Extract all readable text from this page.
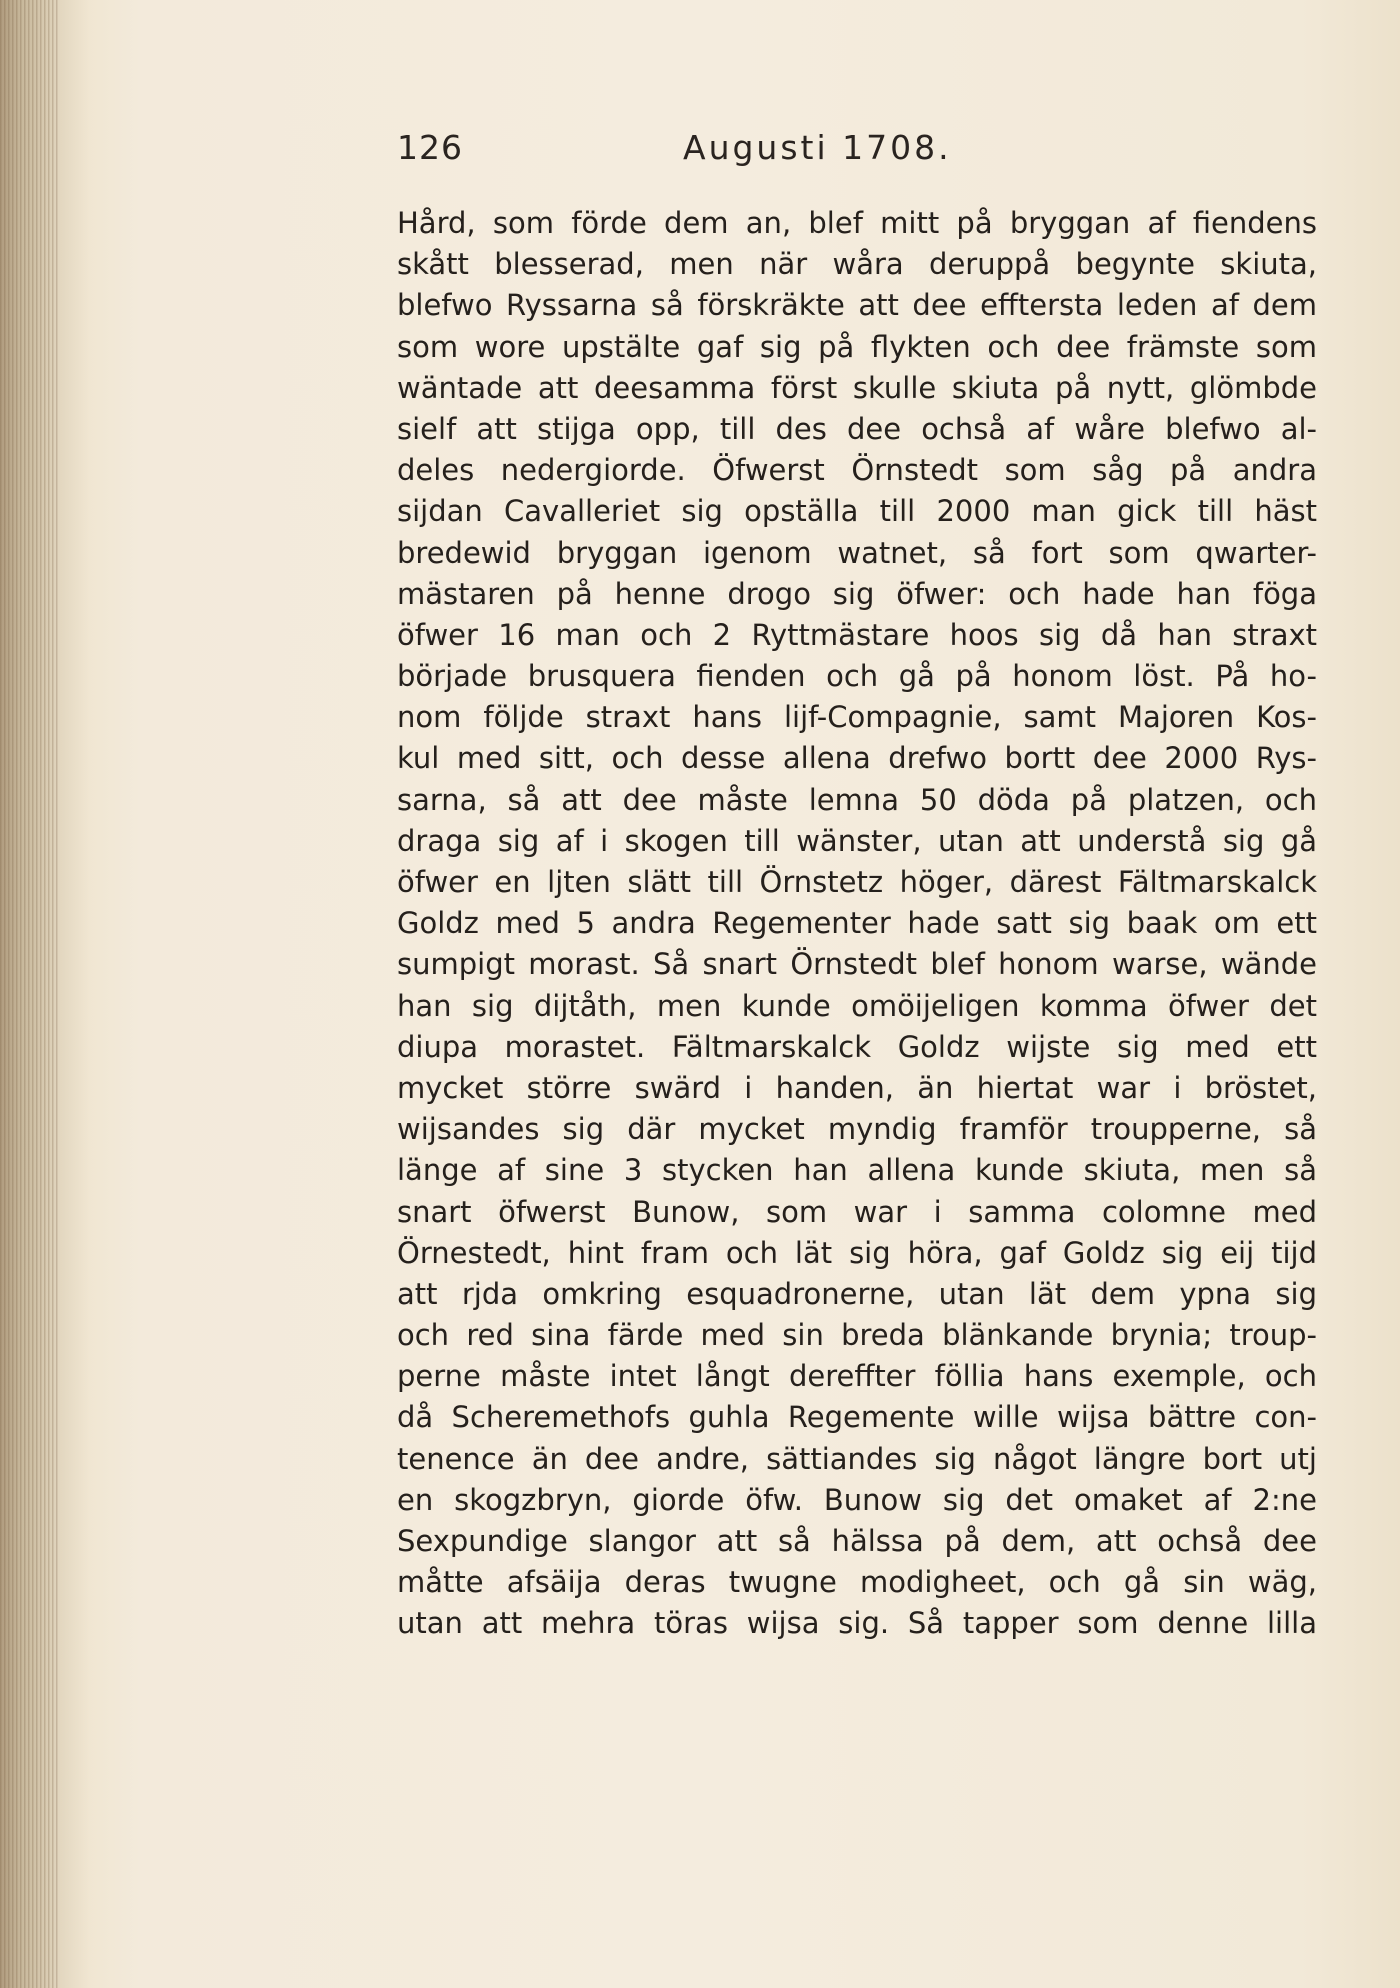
126	Augusti 1708.
Hård, som förde dem an, blef mitt på bryggan af fiendens
skått blesserad, men när wåra deruppå begynte skiuta,
blefwo Ryssarna så förskräkte att dee efftersta leden af dem
som wore upstälte gaf sig på flykten och dee främste som
wäntade att deesamma först skulle skiuta på nytt, glömbde
sielf att stijga opp, till des dee ochså af wåre blefwo al-
deles nedergiorde. Öfwerst Örnstedt som såg på andra
sijdan Cavalleriet sig opställa till 2000 man gick till häst
bredewid bryggan igenom watnet, så fort som qwarter-
mästaren på henne drogo sig öfwer: och hade han föga
öfwer 16 man och 2 Ryttmästare hoos sig då han straxt
började brusquera fienden och gå på honom löst. På ho-
nom följde straxt hans lijf-Compagnie, samt Majoren Kos-
kul med sitt, och desse allena drefwo bortt dee 2000 Rys-
sarna, så att dee måste lemna 50 döda på platzen, och
draga sig af i skogen till wänster, utan att understå sig gå
öfwer en ljten slätt till Örnstetz höger, därest Fältmarskalck
Goldz med 5 andra Regementer hade satt sig baak om ett
sumpigt morast. Så snart Örnstedt blef honom warse, wände
han sig dijtåth, men kunde omöijeligen komma öfwer det
diupa morastet. Fältmarskalck Goldz wijste sig med ett
mycket större swärd i handen, än hiertat war i bröstet,
wijsandes sig där mycket myndig framför troupperne, så
länge af sine 3 stycken han allena kunde skiuta, men så
snart öfwerst Bunow, som war i samma colomne med
Örnestedt, hint fram och lät sig höra, gaf Goldz sig eij tijd
att rjda omkring esquadronerne, utan lät dem ypna sig
och red sina färde med sin breda blänkande brynia; troup-
perne måste intet långt dereffter föllia hans exemple, och
då Scheremethofs guhla Regemente wille wijsa bättre con-
tenence än dee andre, sättiandes sig något längre bort utj
en skogzbryn, giorde öfw. Bunow sig det omaket af 2:ne
Sexpundige slangor att så hälssa på dem, att ochså dee
måtte afsäija deras twugne modigheet, och gå sin wäg,
utan att mehra töras wijsa sig. Så tapper som denne lilla
